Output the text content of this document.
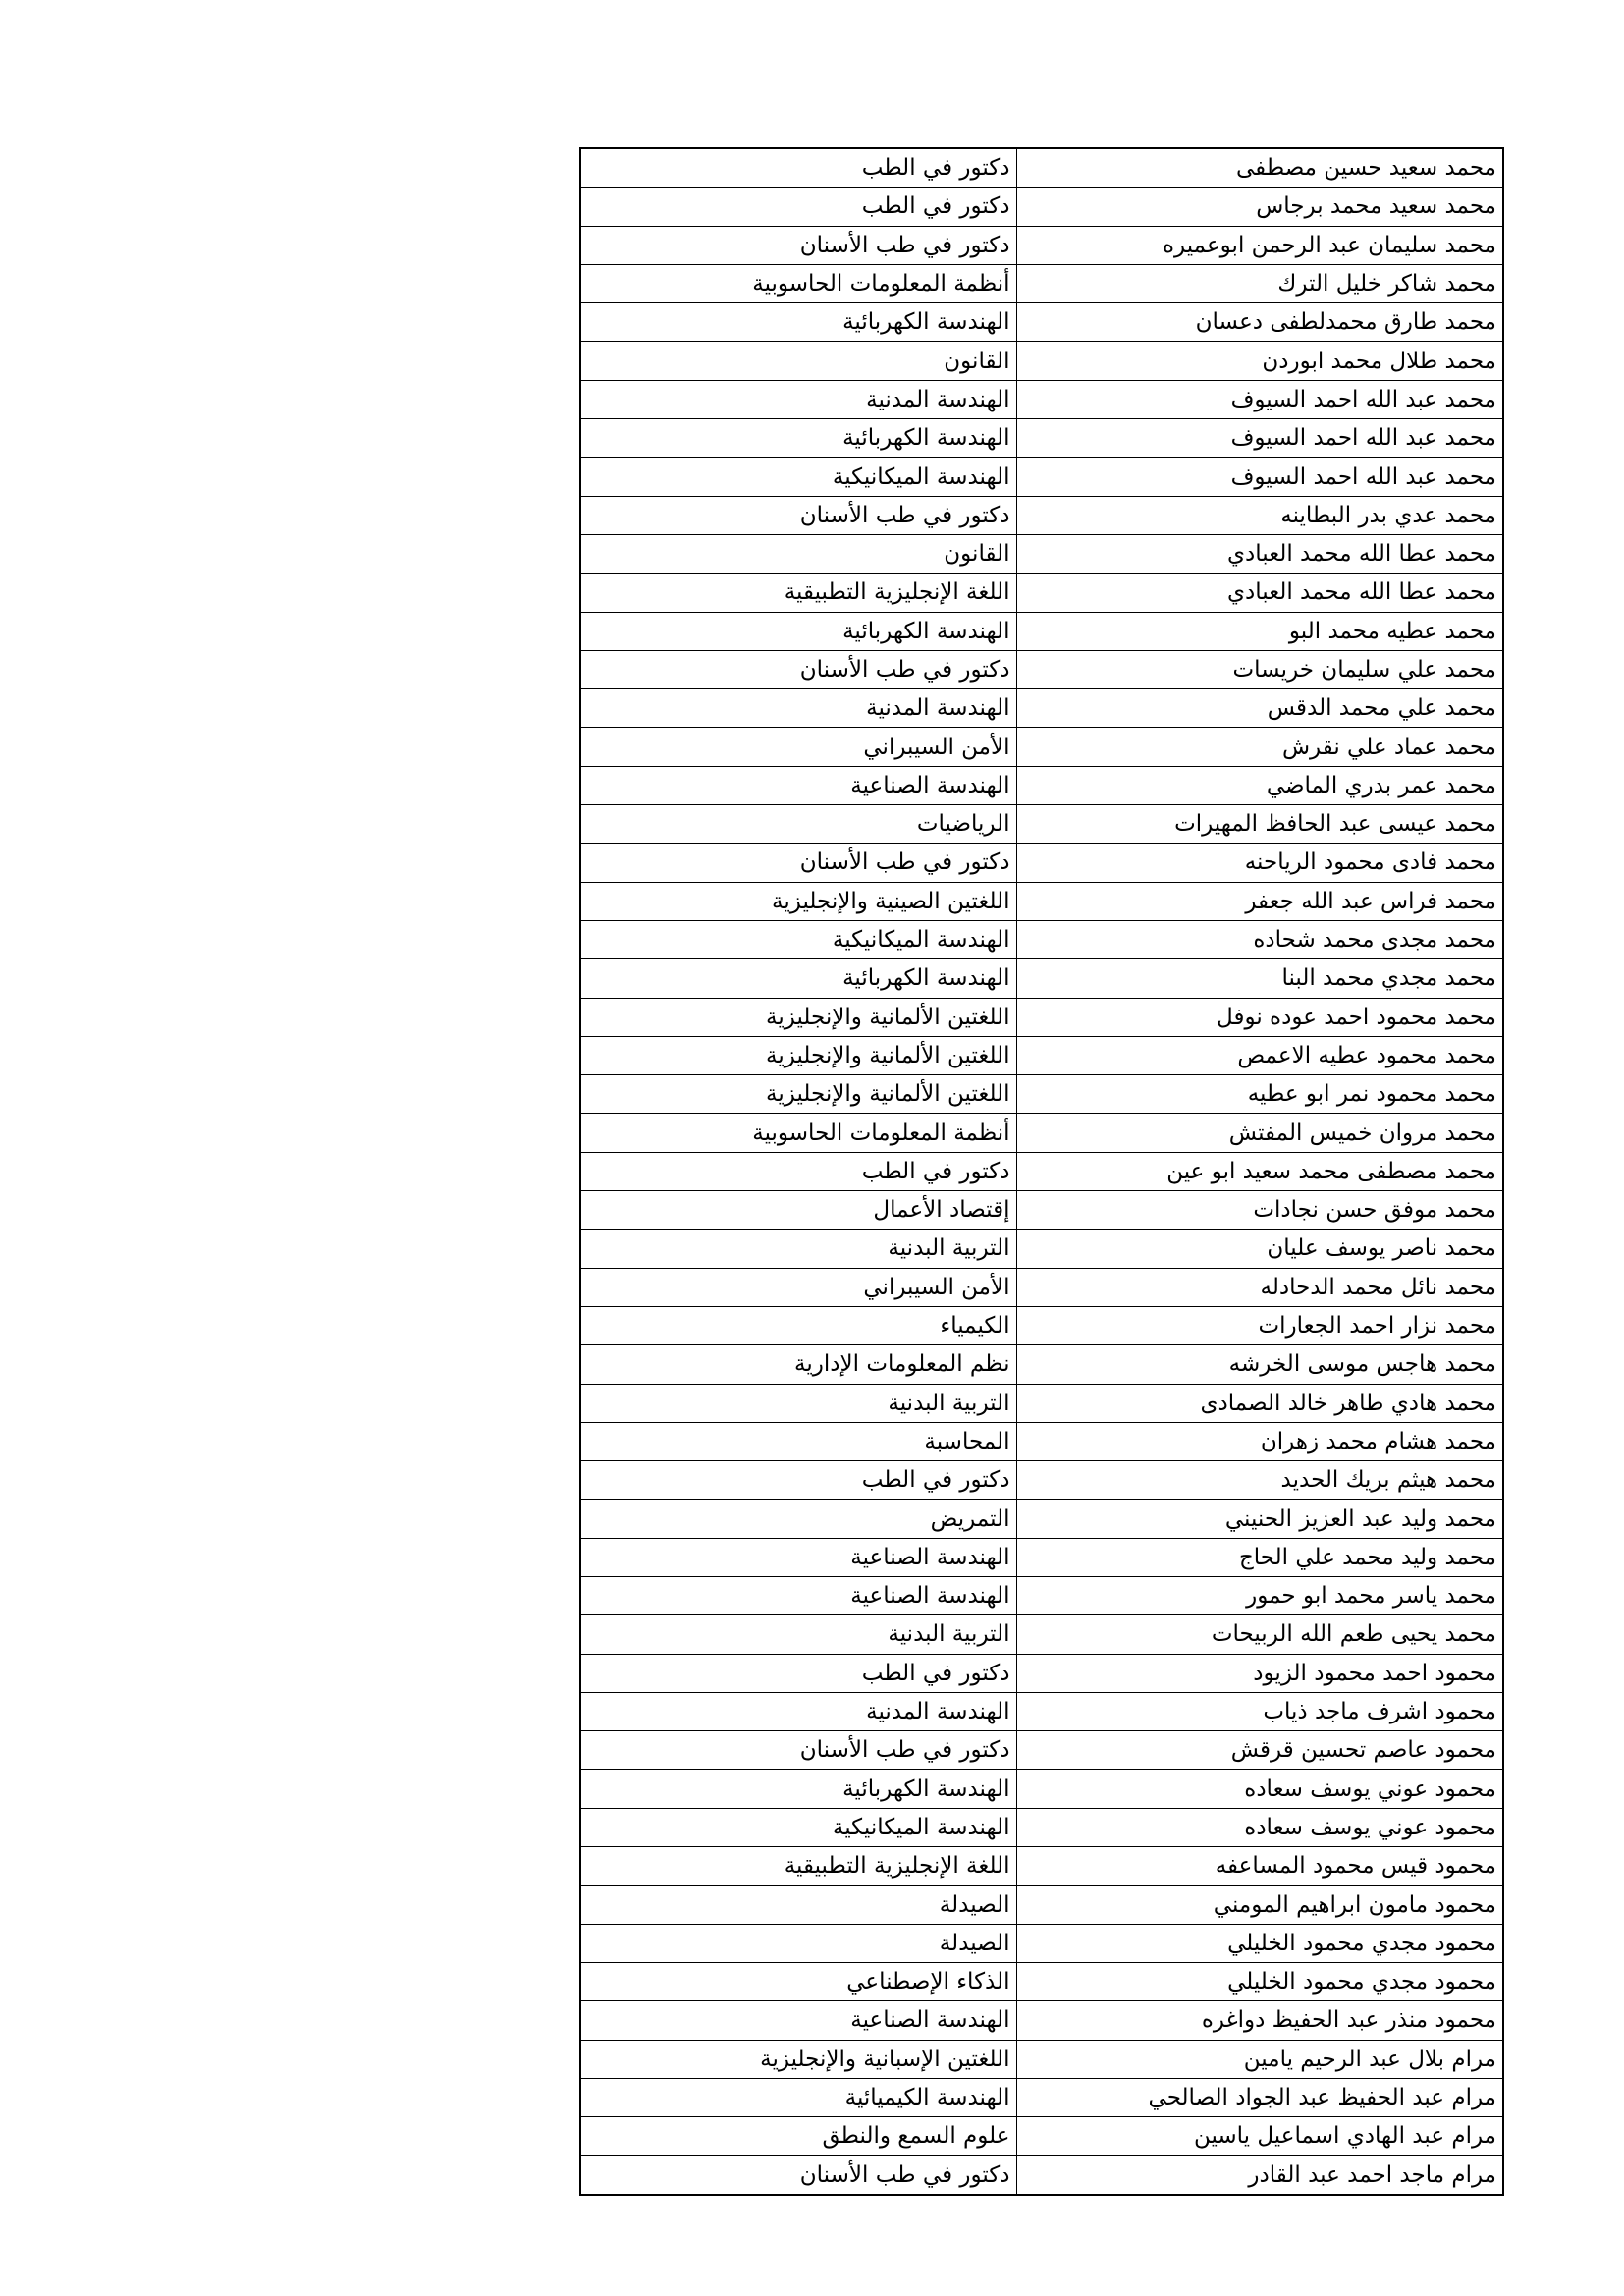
محمد سعيد حسين مصطفى	دكتور في الطب
محمد سعيد محمد برجاس	دكتور في الطب
محمد سليمان عبد الرحمن ابوعميره	دكتور في طب الأسنان
محمد شاكر خليل الترك	أنظمة المعلومات الحاسوبية
محمد طارق محمدلطفى دعسان	الهندسة الكهربائية
محمد طلال محمد ابوردن	القانون
محمد عبد الله احمد السيوف	الهندسة المدنية
محمد عبد الله احمد السيوف	الهندسة الكهربائية
محمد عبد الله احمد السيوف	الهندسة الميكانيكية
محمد عدي بدر البطاينه	دكتور في طب الأسنان
محمد عطا الله محمد العبادي	القانون
محمد عطا الله محمد العبادي	اللغة الإنجليزية التطبيقية
محمد عطيه محمد البو	الهندسة الكهربائية
محمد علي سليمان خريسات	دكتور في طب الأسنان
محمد علي محمد الدقس	الهندسة المدنية
محمد عماد علي نقرش	الأمن السيبراني
محمد عمر بدري الماضي	الهندسة الصناعية
محمد عيسى عبد الحافظ المهيرات	الرياضيات
محمد فادى محمود الرياحنه	دكتور في طب الأسنان
محمد فراس عبد الله جعفر	اللغتين الصينية والإنجليزية
محمد مجدى محمد شحاده	الهندسة الميكانيكية
محمد مجدي محمد البنا	الهندسة الكهربائية
محمد محمود احمد عوده نوفل	اللغتين الألمانية والإنجليزية
محمد محمود عطيه الاعمص	اللغتين الألمانية والإنجليزية
محمد محمود نمر ابو عطيه	اللغتين الألمانية والإنجليزية
محمد مروان خميس المفتش	أنظمة المعلومات الحاسوبية
محمد مصطفى محمد سعيد ابو عين	دكتور في الطب
محمد موفق حسن نجادات	إقتصاد الأعمال
محمد ناصر يوسف عليان	التربية البدنية
محمد نائل محمد الدحادله	الأمن السيبراني
محمد نزار احمد الجعارات	الكيمياء
محمد هاجس موسى الخرشه	نظم المعلومات الإدارية
محمد هادي طاهر خالد الصمادى	التربية البدنية
محمد هشام محمد زهران	المحاسبة
محمد هيثم بريك الحديد	دكتور في الطب
محمد وليد عبد العزيز الحنيني	التمريض
محمد وليد محمد علي الحاج	الهندسة الصناعية
محمد ياسر محمد ابو حمور	الهندسة الصناعية
محمد يحيى طعم الله الربيحات	التربية البدنية
محمود احمد محمود الزيود	دكتور في الطب
محمود اشرف ماجد ذياب	الهندسة المدنية
محمود عاصم تحسين قرقش	دكتور في طب الأسنان
محمود عوني يوسف سعاده	الهندسة الكهربائية
محمود عوني يوسف سعاده	الهندسة الميكانيكية
محمود قيس محمود المساعفه	اللغة الإنجليزية التطبيقية
محمود مامون ابراهيم المومني	الصيدلة
محمود مجدي محمود الخليلي	الصيدلة
محمود مجدي محمود الخليلي	الذكاء الإصطناعي
محمود منذر عبد الحفيظ دواغره	الهندسة الصناعية
مرام بلال عبد الرحيم يامين	اللغتين الإسبانية والإنجليزية
مرام عبد الحفيظ عبد الجواد الصالحي	الهندسة الكيميائية
مرام عبد الهادي اسماعيل ياسين	علوم السمع والنطق
مرام ماجد احمد عبد القادر	دكتور في طب الأسنان
